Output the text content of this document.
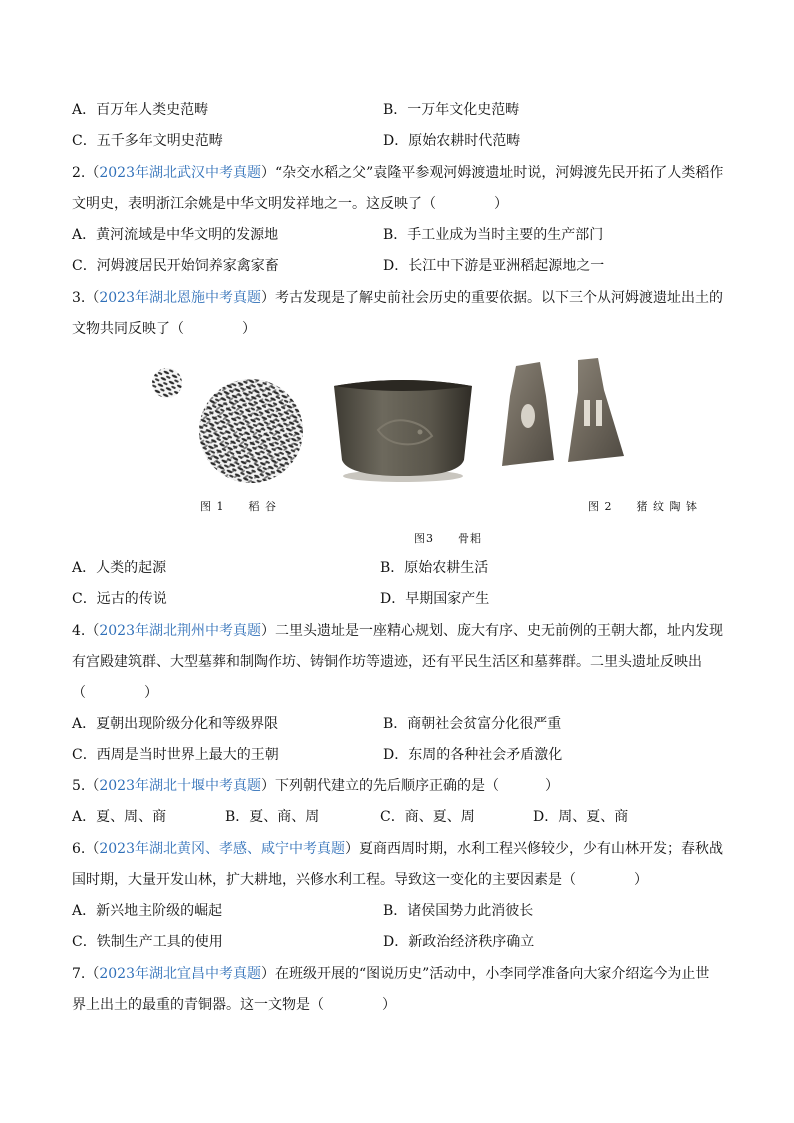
A．百万年人类史范畴	B．一万年文化史范畴
C．五千多年文明史范畴	D．原始农耕时代范畴
2.（2023年湖北武汉中考真题）“杂交水稻之父”袁隆平参观河姆渡遗址时说，河姆渡先民开拓了人类稻作
文明史，表明浙江余姚是中华文明发祥地之一。这反映了（	）
A．黄河流域是中华文明的发源地	B．手工业成为当时主要的生产部门
C．河姆渡居民开始饲养家禽家畜	D．长江中下游是亚洲稻起源地之一
3.（2023年湖北恩施中考真题）考古发现是了解史前社会历史的重要依据。以下三个从河姆渡遗址出土的
文物共同反映了（	）
图 1　　稻 谷	图 2　　猪 纹 陶 钵
图3　　骨耜
A．人类的起源	B．原始农耕生活
C．远古的传说	D．早期国家产生
4.（2023年湖北荆州中考真题）二里头遗址是一座精心规划、庞大有序、史无前例的王朝大都，址内发现
有宫殿建筑群、大型墓葬和制陶作坊、铸铜作坊等遗迹，还有平民生活区和墓葬群。二里头遗址反映出
（	）
A．夏朝出现阶级分化和等级界限	B．商朝社会贫富分化很严重
C．西周是当时世界上最大的王朝	D．东周的各种社会矛盾激化
5.（2023年湖北十堰中考真题）下列朝代建立的先后顺序正确的是（	）
A．夏、周、商	B．夏、商、周	C．商、夏、周	D．周、夏、商
6.（2023年湖北黄冈、孝感、咸宁中考真题）夏商西周时期，水利工程兴修较少，少有山林开发；春秋战
国时期，大量开发山林，扩大耕地，兴修水利工程。导致这一变化的主要因素是（	）
A．新兴地主阶级的崛起	B．诸侯国势力此消彼长
C．铁制生产工具的使用	D．新政治经济秩序确立
7.（2023年湖北宜昌中考真题）在班级开展的“图说历史”活动中，小李同学准备向大家介绍迄今为止世
界上出土的最重的青铜器。这一文物是（	）
